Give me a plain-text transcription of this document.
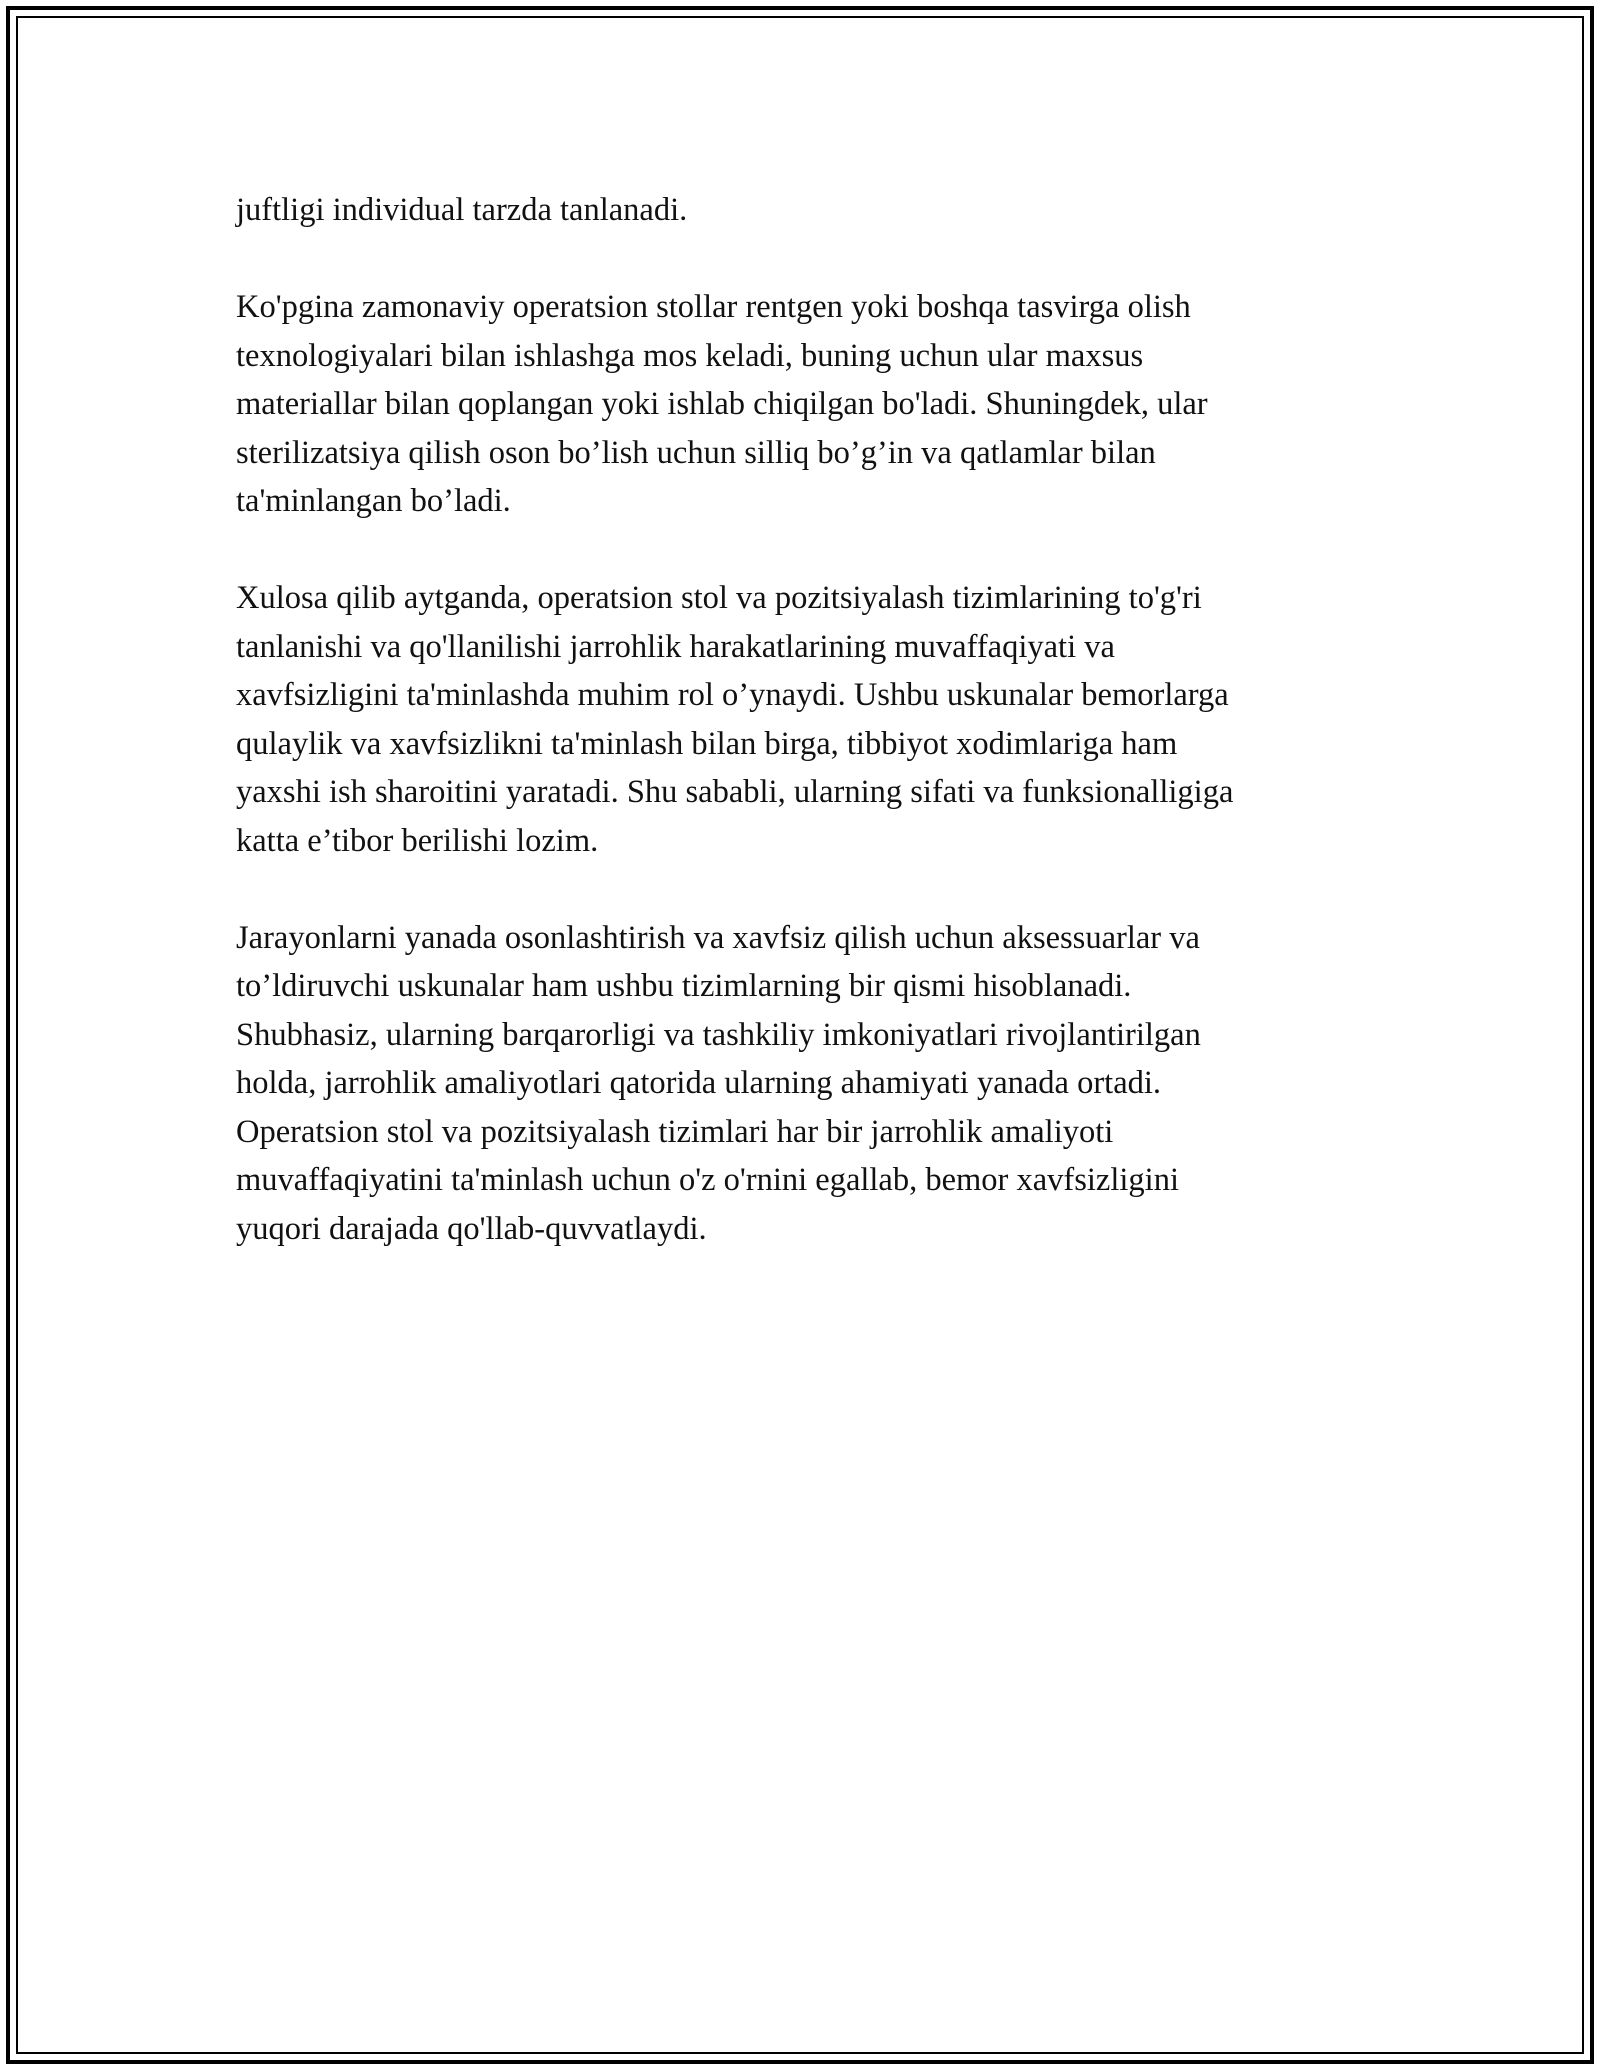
juftligi individual tarzda tanlanadi.

Ko'pgina zamonaviy operatsion stollar rentgen yoki boshqa tasvirga olish
texnologiyalari bilan ishlashga mos keladi, buning uchun ular maxsus
materiallar bilan qoplangan yoki ishlab chiqilgan bo'ladi. Shuningdek, ular
sterilizatsiya qilish oson bo’lish uchun silliq bo’g’in va qatlamlar bilan
ta'minlangan bo’ladi.

Xulosa qilib aytganda, operatsion stol va pozitsiyalash tizimlarining to'g'ri
tanlanishi va qo'llanilishi jarrohlik harakatlarining muvaffaqiyati va
xavfsizligini ta'minlashda muhim rol o’ynaydi. Ushbu uskunalar bemorlarga
qulaylik va xavfsizlikni ta'minlash bilan birga, tibbiyot xodimlariga ham
yaxshi ish sharoitini yaratadi. Shu sababli, ularning sifati va funksionalligiga
katta e’tibor berilishi lozim.

Jarayonlarni yanada osonlashtirish va xavfsiz qilish uchun aksessuarlar va
to’ldiruvchi uskunalar ham ushbu tizimlarning bir qismi hisoblanadi.
Shubhasiz, ularning barqarorligi va tashkiliy imkoniyatlari rivojlantirilgan
holda, jarrohlik amaliyotlari qatorida ularning ahamiyati yanada ortadi.
Operatsion stol va pozitsiyalash tizimlari har bir jarrohlik amaliyoti
muvaffaqiyatini ta'minlash uchun o'z o'rnini egallab, bemor xavfsizligini
yuqori darajada qo'llab-quvvatlaydi.
